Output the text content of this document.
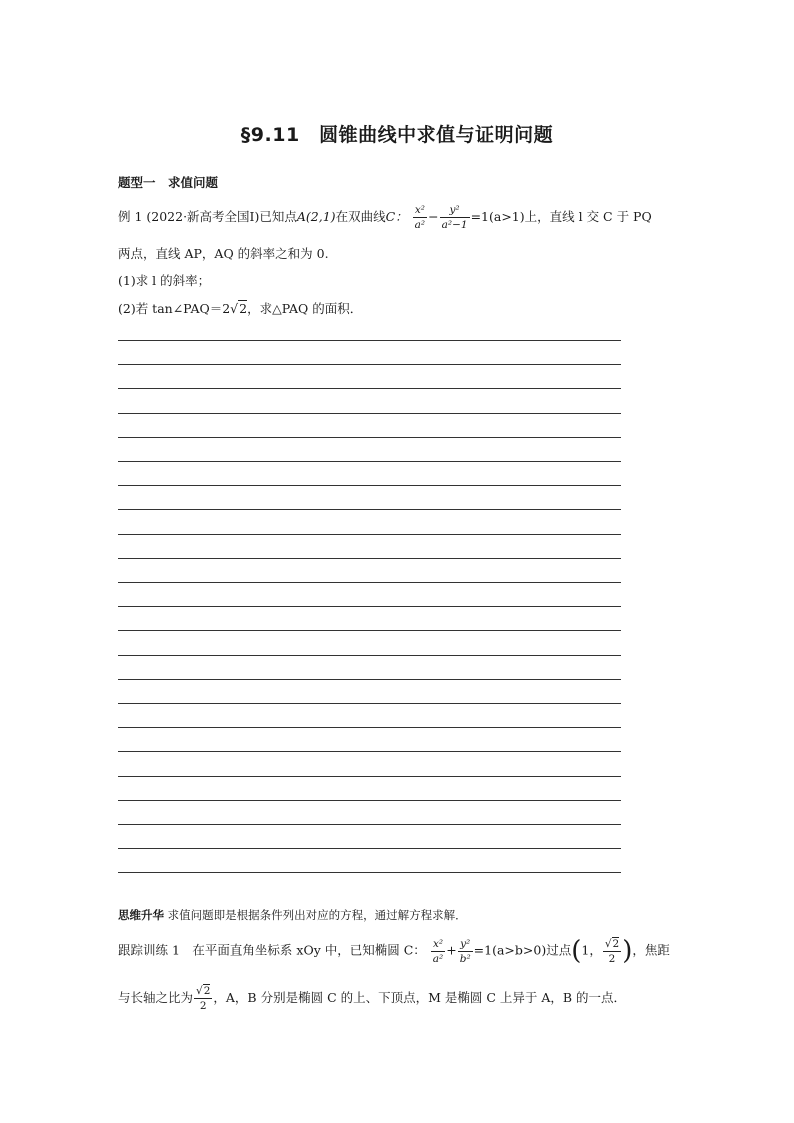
§9.11　圆锥曲线中求值与证明问题
题型一　求值问题
例 1 (2022·新高考全国Ⅰ)已知点A(2,1)在双曲线C： $\frac{\text{x²}}{\text{a²}} - \frac{\text{y²}}{\text{a²−1}} =1(a>1)$上，直线 l 交 C 于 PQ
两点，直线 AP，AQ 的斜率之和为 0.
(1)求 l 的斜率；
(2)若 tan∠PAQ＝2√2，求△PAQ 的面积．
思维升华 求值问题即是根据条件列出对应的方程，通过解方程求解．
跟踪训练 1　在平面直角坐标系 xOy 中，已知椭圆 C： $\frac{\text{x²}}{\text{a²}} + \frac{\text{y²}}{\text{b²}} =1(a>b>0)$过点(1， $\frac{√2}{2}$ )，焦距
与长轴之比为 $\frac{√2}{2}$ ，A，B 分别是椭圆 C 的上、下顶点，M 是椭圆 C 上异于 A，B 的一点．
